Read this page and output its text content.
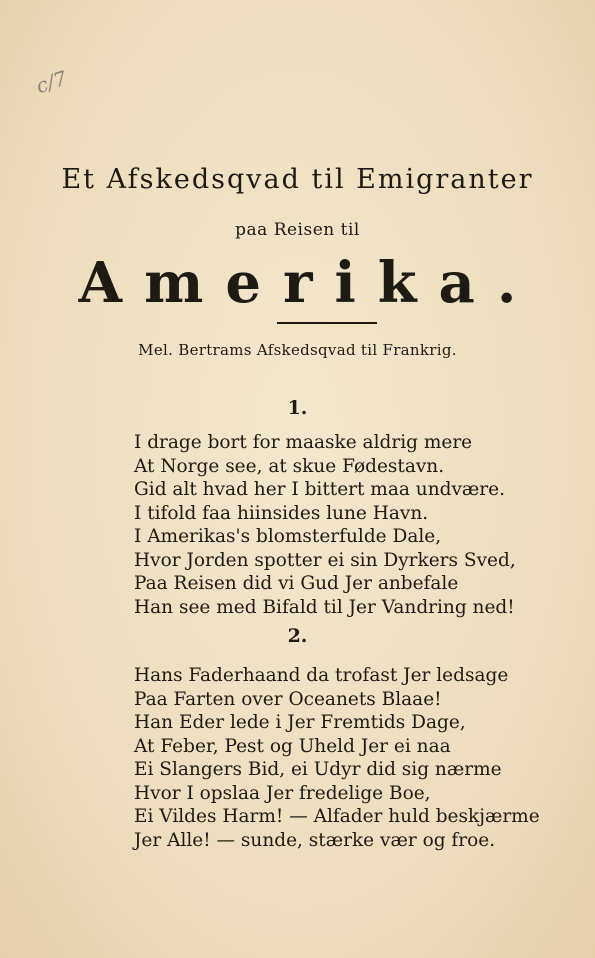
c/7
Et Afskedsqvad til Emigranter
paa Reisen til
Amerika.
Mel. Bertrams Afskedsqvad til Frankrig.
1.
I drage bort for maaske aldrig mere
At Norge see, at skue Fødestavn.
Gid alt hvad her I bittert maa undvære.
I tifold faa hiinsides lune Havn.
I Amerikas's blomsterfulde Dale,
Hvor Jorden spotter ei sin Dyrkers Sved,
Paa Reisen did vi Gud Jer anbefale
Han see med Bifald til Jer Vandring ned!
2.
Hans Faderhaand da trofast Jer ledsage
Paa Farten over Oceanets Blaae!
Han Eder lede i Jer Fremtids Dage,
At Feber, Pest og Uheld Jer ei naa
Ei Slangers Bid, ei Udyr did sig nærme
Hvor I opslaa Jer fredelige Boe,
Ei Vildes Harm! — Alfader huld beskjærme
Jer Alle! — sunde, stærke vær og froe.
